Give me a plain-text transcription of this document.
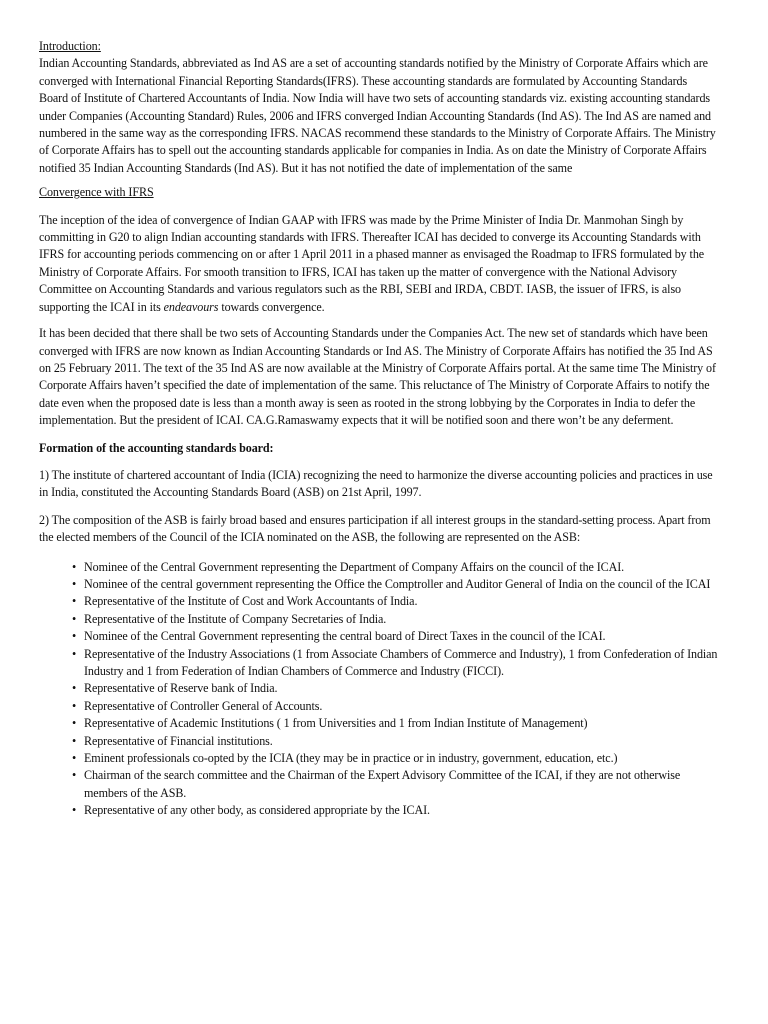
Introduction:

Indian Accounting Standards, abbreviated as Ind AS are a set of accounting standards notified by the Ministry of Corporate Affairs which are converged with International Financial Reporting Standards(IFRS). These accounting standards are formulated by Accounting Standards Board of Institute of Chartered Accountants of India. Now India will have two sets of accounting standards viz. existing accounting standards under Companies (Accounting Standard) Rules, 2006 and IFRS converged Indian Accounting Standards (Ind AS). The Ind AS are named and numbered in the same way as the corresponding IFRS. NACAS recommend these standards to the Ministry of Corporate Affairs. The Ministry of Corporate Affairs has to spell out the accounting standards applicable for companies in India. As on date the Ministry of Corporate Affairs notified 35 Indian Accounting Standards (Ind AS). But it has not notified the date of implementation of the same

Convergence with IFRS

The inception of the idea of convergence of Indian GAAP with IFRS was made by the Prime Minister of India Dr. Manmohan Singh by committing in G20 to align Indian accounting standards with IFRS. Thereafter ICAI has decided to converge its Accounting Standards with IFRS for accounting periods commencing on or after 1 April 2011 in a phased manner as envisaged the Roadmap to IFRS formulated by the Ministry of Corporate Affairs. For smooth transition to IFRS, ICAI has taken up the matter of convergence with the National Advisory Committee on Accounting Standards and various regulators such as the RBI, SEBI and IRDA, CBDT. IASB, the issuer of IFRS, is also supporting the ICAI in its endeavours towards convergence.

It has been decided that there shall be two sets of Accounting Standards under the Companies Act. The new set of standards which have been converged with IFRS are now known as Indian Accounting Standards or Ind AS. The Ministry of Corporate Affairs has notified the 35 Ind AS on 25 February 2011. The text of the 35 Ind AS are now available at the Ministry of Corporate Affairs portal. At the same time The Ministry of Corporate Affairs haven’t specified the date of implementation of the same. This reluctance of The Ministry of Corporate Affairs to notify the date even when the proposed date is less than a month away is seen as rooted in the strong lobbying by the Corporates in India to defer the implementation. But the president of ICAI. CA.G.Ramaswamy expects that it will be notified soon and there won’t be any deferment.

Formation of the accounting standards board:

1) The institute of chartered accountant of India (ICIA) recognizing the need to harmonize the diverse accounting policies and practices in use in India, constituted the Accounting Standards Board (ASB) on 21st April, 1997.

2) The composition of the ASB is fairly broad based and ensures participation if all interest groups in the standard-setting process. Apart from the elected members of the Council of the ICIA nominated on the ASB, the following are represented on the ASB:

• Nominee of the Central Government representing the Department of Company Affairs on the council of the ICAI.
• Nominee of the central government representing the Office the Comptroller and Auditor General of India on the council of the ICAI
• Representative of the Institute of Cost and Work Accountants of India.
• Representative of the Institute of Company Secretaries of India.
• Nominee of the Central Government representing the central board of Direct Taxes in the council of the ICAI.
• Representative of the Industry Associations (1 from Associate Chambers of Commerce and Industry), 1 from Confederation of Indian Industry and 1 from Federation of Indian Chambers of Commerce and Industry (FICCI).
• Representative of Reserve bank of India.
• Representative of Controller General of Accounts.
• Representative of Academic Institutions ( 1 from Universities and 1 from Indian Institute of Management)
• Representative of Financial institutions.
• Eminent professionals co-opted by the ICIA (they may be in practice or in industry, government, education, etc.)
• Chairman of the search committee and the Chairman of the Expert Advisory Committee of the ICAI, if they are not otherwise members of the ASB.
• Representative of any other body, as considered appropriate by the ICAI.
